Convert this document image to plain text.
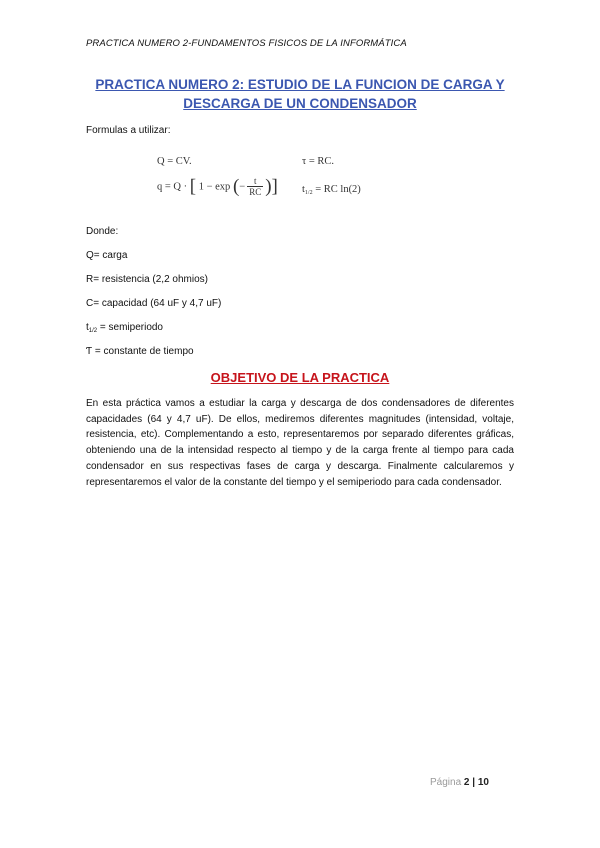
PRACTICA NUMERO 2-FUNDAMENTOS FISICOS DE LA INFORMÁTICA
PRACTICA NUMERO 2: ESTUDIO DE LA FUNCION DE CARGA Y
DESCARGA DE UN CONDENSADOR
Formulas a utilizar:
Q = CV.
q = Q · [ 1 − exp (− $\frac{t}{RC}$ )]
τ = RC.
$t_{1/2}$ = RC ln(2)
Donde:
Q= carga
R= resistencia (2,2 ohmios)
C= capacidad (64 uF y 4,7 uF)
$t_{1/2}$ = semiperiodo
Ƭ = constante de tiempo
OBJETIVO DE LA PRACTICA
En esta práctica vamos a estudiar la carga y descarga de dos condensadores de diferentes capacidades (64 y 4,7 uF). De ellos, mediremos diferentes magnitudes (intensidad, voltaje, resistencia, etc). Complementando a esto, representaremos por separado diferentes gráficas, obteniendo una de la intensidad respecto al tiempo y de la carga frente al tiempo para cada condensador en sus respectivas fases de carga y descarga. Finalmente calcularemos y representaremos el valor de la constante del tiempo y el semiperiodo para cada condensador.
Página 2 | 10
